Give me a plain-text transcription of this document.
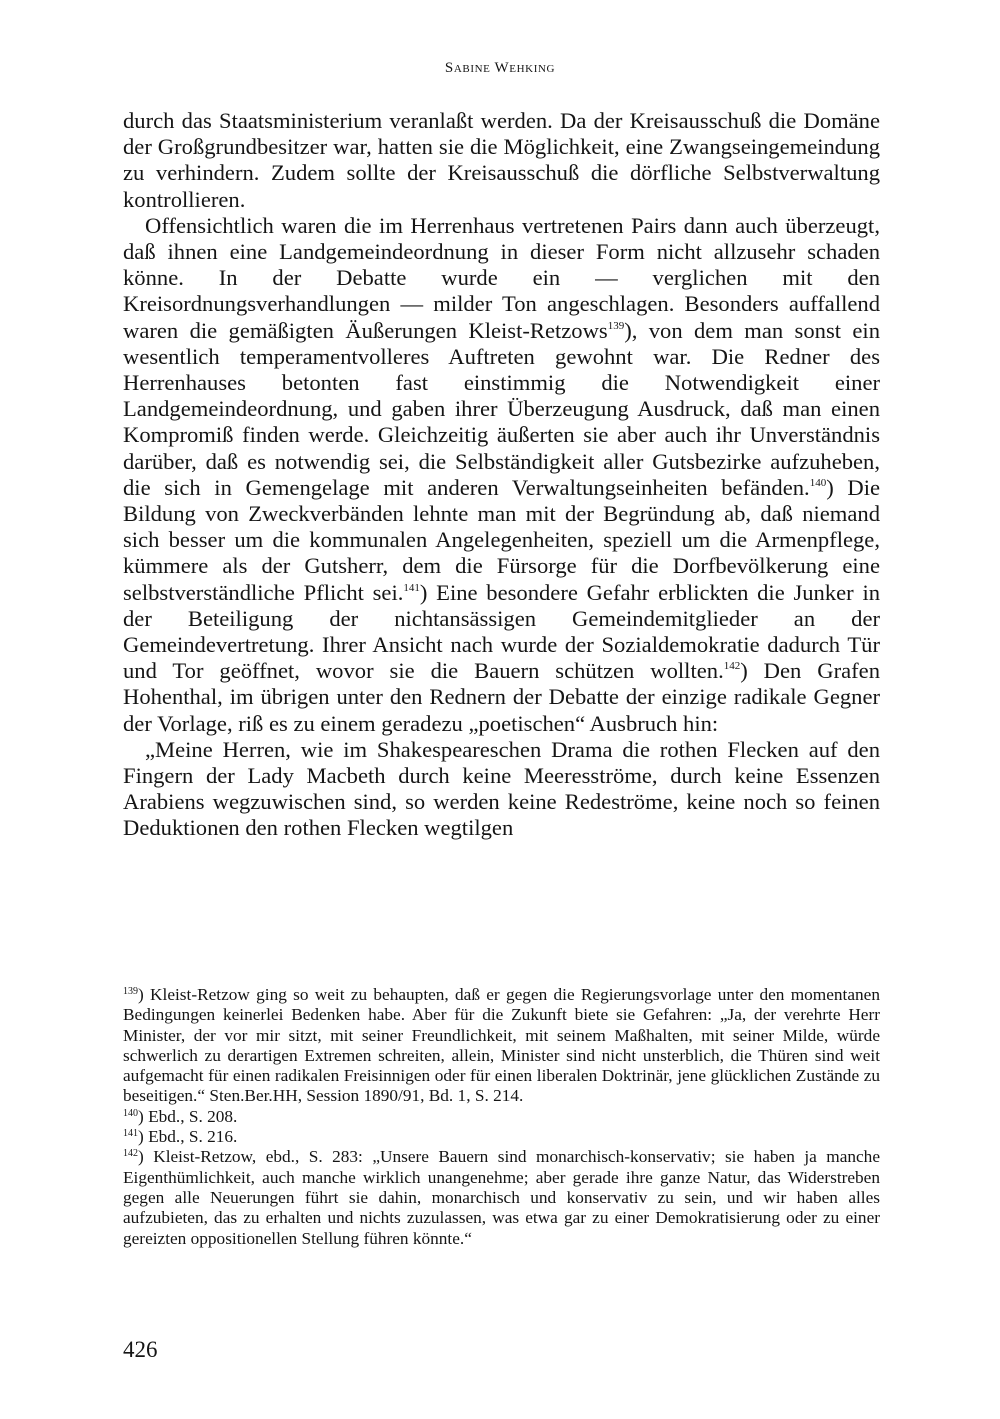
Sabine Wehking

durch das Staatsministerium veranlaßt werden. Da der Kreisausschuß die Domäne der Großgrundbesitzer war, hatten sie die Möglichkeit, eine Zwangseingemeindung zu verhindern. Zudem sollte der Kreisausschuß die dörfliche Selbstverwaltung kontrollieren.

Offensichtlich waren die im Herrenhaus vertretenen Pairs dann auch überzeugt, daß ihnen eine Landgemeindeordnung in dieser Form nicht allzusehr schaden könne. In der Debatte wurde ein — verglichen mit den Kreisordnungsverhandlungen — milder Ton angeschlagen. Besonders auffallend waren die gemäßigten Äußerungen Kleist-Retzows$^{139}$), von dem man sonst ein wesentlich temperamentvolleres Auftreten gewohnt war. Die Redner des Herrenhauses betonten fast einstimmig die Notwendigkeit einer Landgemeindeordnung, und gaben ihrer Überzeugung Ausdruck, daß man einen Kompromiß finden werde. Gleichzeitig äußerten sie aber auch ihr Unverständnis darüber, daß es notwendig sei, die Selbständigkeit aller Gutsbezirke aufzuheben, die sich in Gemengelage mit anderen Verwaltungseinheiten befänden.$^{140}$) Die Bildung von Zweckverbänden lehnte man mit der Begründung ab, daß niemand sich besser um die kommunalen Angelegenheiten, speziell um die Armenpflege, kümmere als der Gutsherr, dem die Fürsorge für die Dorfbevölkerung eine selbstverständliche Pflicht sei.$^{141}$) Eine besondere Gefahr erblickten die Junker in der Beteiligung der nichtansässigen Gemeindemitglieder an der Gemeindevertretung. Ihrer Ansicht nach wurde der Sozialdemokratie dadurch Tür und Tor geöffnet, wovor sie die Bauern schützen wollten.$^{142}$) Den Grafen Hohenthal, im übrigen unter den Rednern der Debatte der einzige radikale Gegner der Vorlage, riß es zu einem geradezu „poetischen“ Ausbruch hin:

„Meine Herren, wie im Shakespeareschen Drama die rothen Flecken auf den Fingern der Lady Macbeth durch keine Meeresströme, durch keine Essenzen Arabiens wegzuwischen sind, so werden keine Redeströme, keine noch so feinen Deduktionen den rothen Flecken wegtilgen

$^{139}$) Kleist-Retzow ging so weit zu behaupten, daß er gegen die Regierungsvorlage unter den momentanen Bedingungen keinerlei Bedenken habe. Aber für die Zukunft biete sie Gefahren: „Ja, der verehrte Herr Minister, der vor mir sitzt, mit seiner Freundlichkeit, mit seinem Maßhalten, mit seiner Milde, würde schwerlich zu derartigen Extremen schreiten, allein, Minister sind nicht unsterblich, die Thüren sind weit aufgemacht für einen radikalen Freisinnigen oder für einen liberalen Doktrinär, jene glücklichen Zustände zu beseitigen.“ Sten.Ber.HH, Session 1890/91, Bd. 1, S. 214.

$^{140}$) Ebd., S. 208.

$^{141}$) Ebd., S. 216.

$^{142}$) Kleist-Retzow, ebd., S. 283: „Unsere Bauern sind monarchisch-konservativ; sie haben ja manche Eigenthümlichkeit, auch manche wirklich unangenehme; aber gerade ihre ganze Natur, das Widerstreben gegen alle Neuerungen führt sie dahin, monarchisch und konservativ zu sein, und wir haben alles aufzubieten, das zu erhalten und nichts zuzulassen, was etwa gar zu einer Demokratisierung oder zu einer gereizten oppositionellen Stellung führen könnte.“

426
